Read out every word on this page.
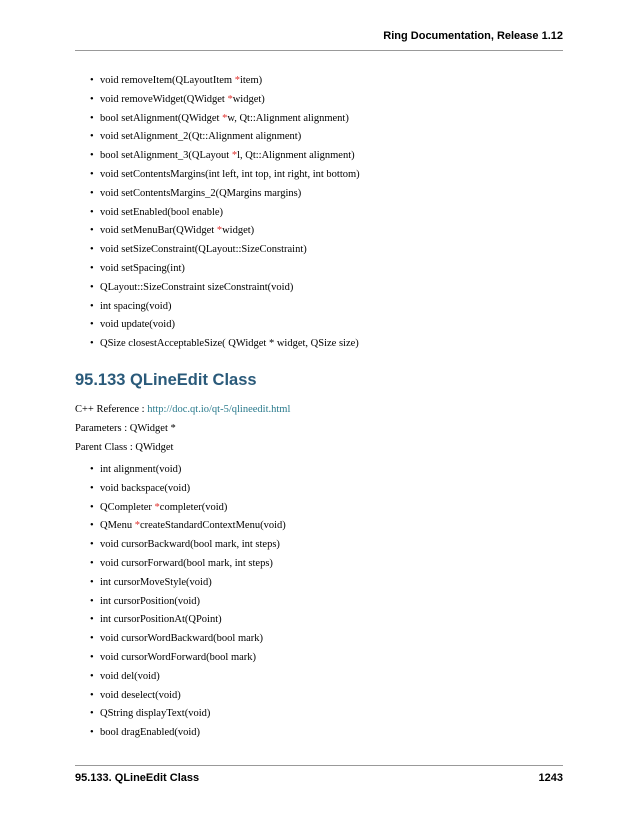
Ring Documentation, Release 1.12
• void removeItem(QLayoutItem *item)
• void removeWidget(QWidget *widget)
• bool setAlignment(QWidget *w, Qt::Alignment alignment)
• void setAlignment_2(Qt::Alignment alignment)
• bool setAlignment_3(QLayout *l, Qt::Alignment alignment)
• void setContentsMargins(int left, int top, int right, int bottom)
• void setContentsMargins_2(QMargins margins)
• void setEnabled(bool enable)
• void setMenuBar(QWidget *widget)
• void setSizeConstraint(QLayout::SizeConstraint)
• void setSpacing(int)
• QLayout::SizeConstraint sizeConstraint(void)
• int spacing(void)
• void update(void)
• QSize closestAcceptableSize( QWidget * widget, QSize size)
95.133 QLineEdit Class
C++ Reference : http://doc.qt.io/qt-5/qlineedit.html
Parameters : QWidget *
Parent Class : QWidget
• int alignment(void)
• void backspace(void)
• QCompleter *completer(void)
• QMenu *createStandardContextMenu(void)
• void cursorBackward(bool mark, int steps)
• void cursorForward(bool mark, int steps)
• int cursorMoveStyle(void)
• int cursorPosition(void)
• int cursorPositionAt(QPoint)
• void cursorWordBackward(bool mark)
• void cursorWordForward(bool mark)
• void del(void)
• void deselect(void)
• QString displayText(void)
• bool dragEnabled(void)
95.133. QLineEdit Class	1243
